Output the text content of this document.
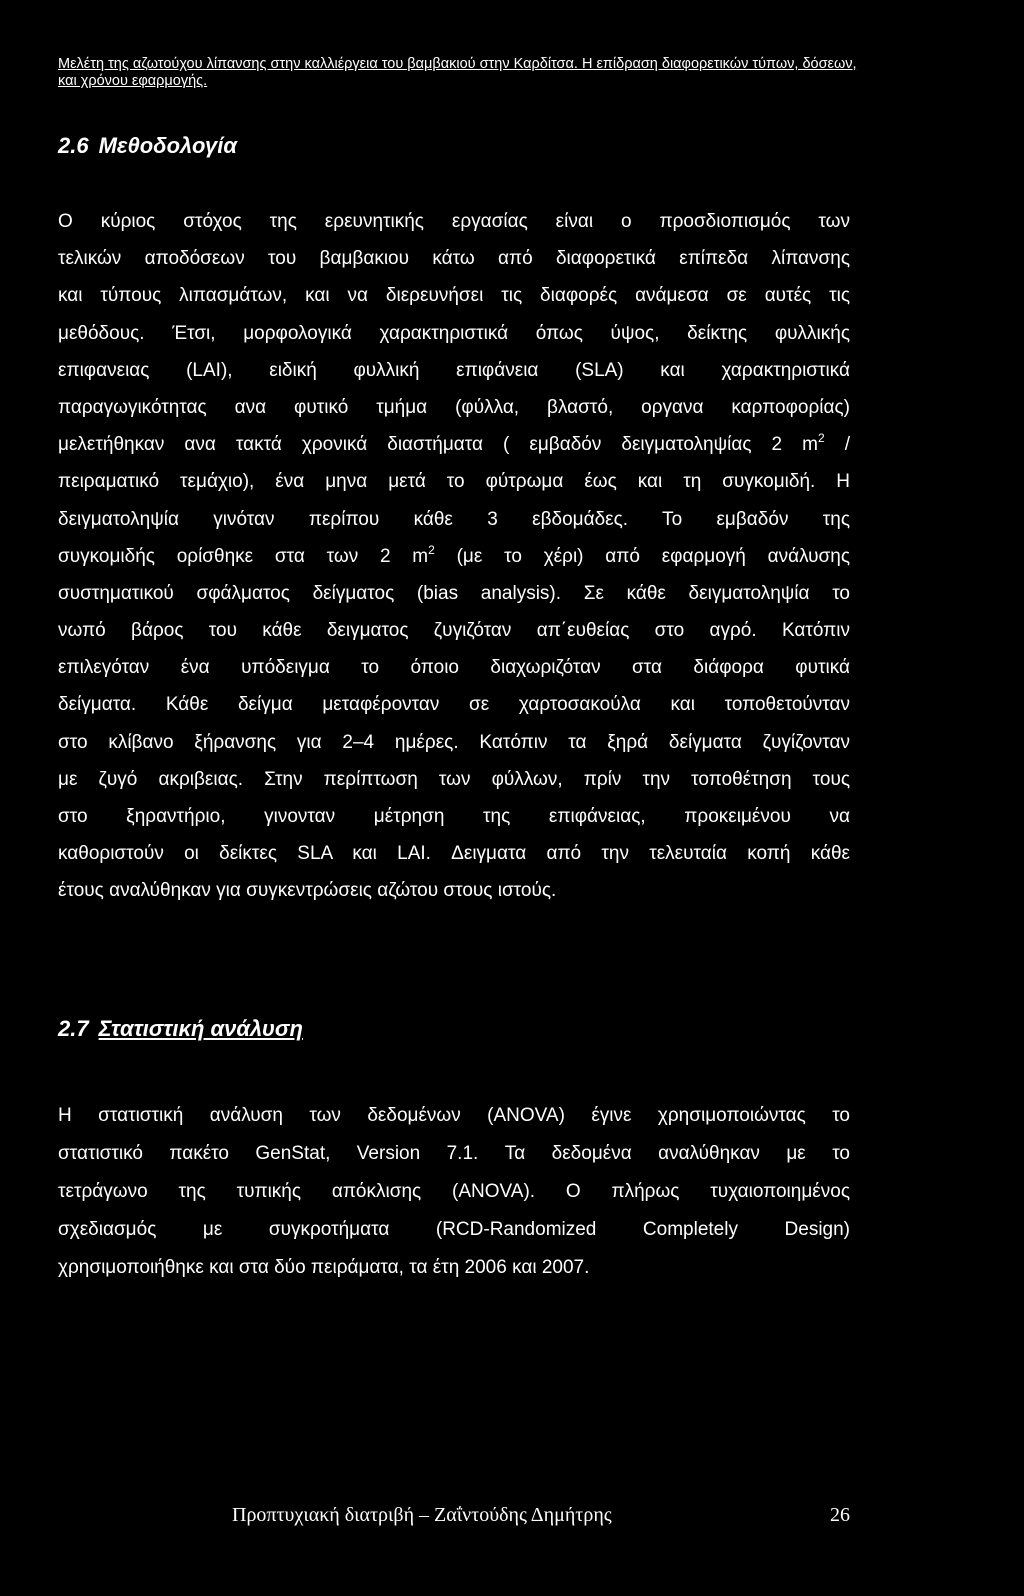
Μελέτη της αζωτούχου λίπανσης στην καλλιέργεια του βαμβακιού στην Καρδίτσα. Η επίδραση διαφορετικών τύπων, δόσεων, και χρόνου εφαρμογής.
2.6 Μεθοδολογία
Ο κύριος στόχος της ερευνητικής εργασίας είναι ο προσδιοπισμός των
τελικών αποδόσεων του βαμβακιου κάτω από διαφορετικά επίπεδα λίπανσης
και τύπους λιπασμάτων, και να διερευνήσει τις διαφορές ανάμεσα σε αυτές τις
μεθόδους. Έτσι, μορφολογικά χαρακτηριστικά όπως ύψος, δείκτης φυλλικής
επιφανειας (LAI), ειδική φυλλική επιφάνεια (SLA) και χαρακτηριστικά
παραγωγικότητας ανα φυτικό τμήμα (φύλλα, βλαστό, οργανα καρποφορίας)
μελετήθηκαν ανα τακτά χρονικά διαστήματα ( εμβαδόν δειγματοληψίας 2 $m^2$ /
πειραματικό τεμάχιο), ένα μηνα μετά το φύτρωμα έως και τη συγκομιδή. Η
δειγματοληψία γινόταν περίπου κάθε 3 εβδομάδες. Το εμβαδόν της
συγκομιδής ορίσθηκε στα των 2 $m^2$ (με το χέρι) από εφαρμογή ανάλυσης
συστηματικού σφάλματος δείγματος (bias analysis). Σε κάθε δειγματοληψία το
νωπό βάρος του κάθε δειγματος ζυγιζόταν απ΄ευθείας στο αγρό. Κατόπιν
επιλεγόταν ένα υπόδειγμα το όποιο διαχωριζόταν στα διάφορα φυτικά
δείγματα. Κάθε δείγμα μεταφέρονταν σε χαρτοσακούλα και τοποθετούνταν
στο κλίβανο ξήρανσης για 2–4 ημέρες. Κατόπιν τα ξηρά δείγματα ζυγίζονταν
με ζυγό ακριβειας. Στην περίπτωση των φύλλων, πρίν την τοποθέτηση τους
στο ξηραντήριο, γινονταν μέτρηση της επιφάνειας, προκειμένου να
καθοριστούν οι δείκτες SLA και LAI. Δειγματα από την τελευταία κοπή κάθε
έτους αναλύθηκαν για συγκεντρώσεις αζώτου στους ιστούς.
2.7 Στατιστική ανάλυση
Η στατιστική ανάλυση των δεδομένων (ANOVA) έγινε χρησιμοποιώντας το
στατιστικό πακέτο GenStat, Version 7.1. Τα δεδομένα αναλύθηκαν με το
τετράγωνο της τυπικής απόκλισης (ANOVA). Ο πλήρως τυχαιοποιημένος
σχεδιασμός με συγκροτήματα (RCD-Randomized Completely Design)
χρησιμοποιήθηκε και στα δύο πειράματα, τα έτη 2006 και 2007.
Προπτυχιακή διατριβή – Ζαΐντούδης Δημήτρης	26
